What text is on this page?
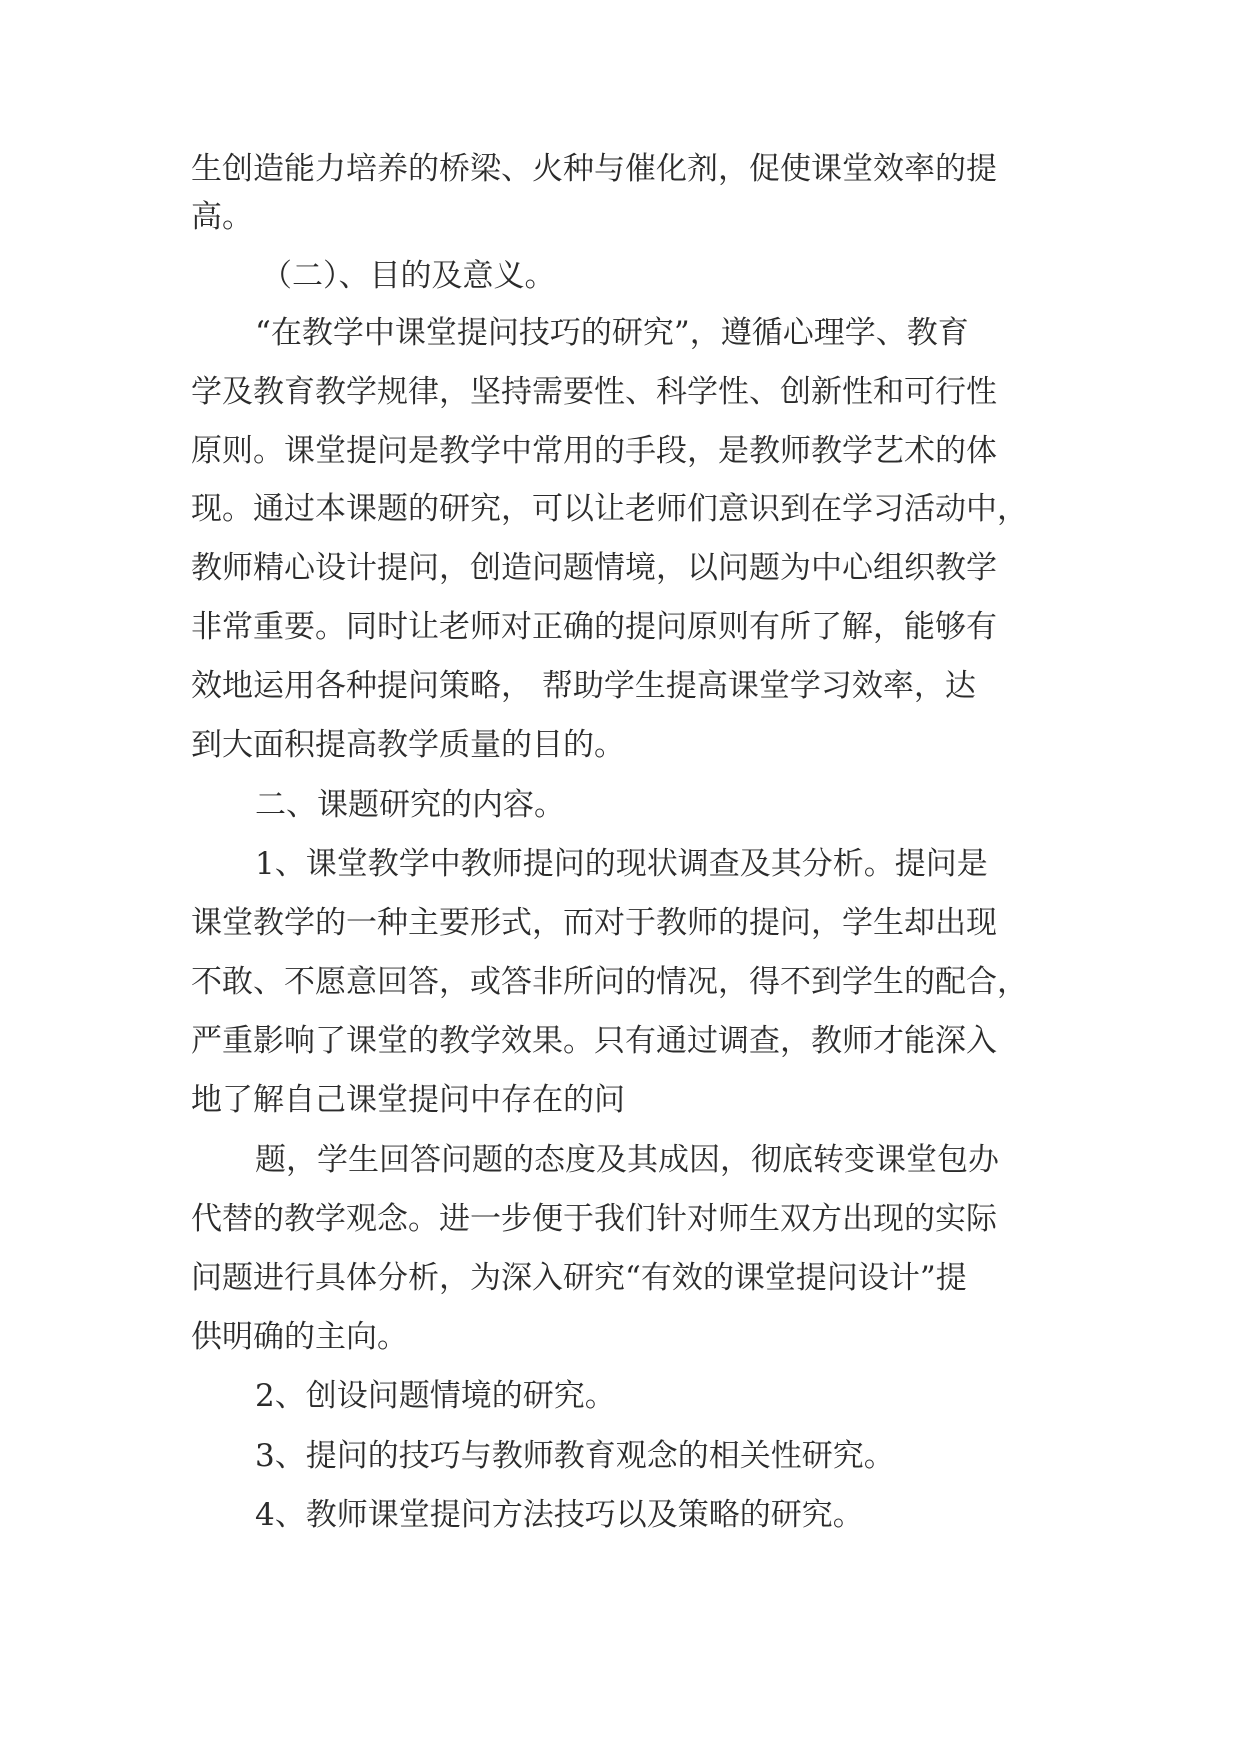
生创造能力培养的桥梁、火种与催化剂，促使课堂效率的提
高。
（二）、目的及意义。
“在教学中课堂提问技巧的研究”，遵循心理学、教育
学及教育教学规律，坚持需要性、科学性、创新性和可行性
原则。课堂提问是教学中常用的手段，是教师教学艺术的体
现。通过本课题的研究，可以让老师们意识到在学习活动中，
教师精心设计提问，创造问题情境，以问题为中心组织教学
非常重要。同时让老师对正确的提问原则有所了解，能够有
效地运用各种提问策略， 帮助学生提高课堂学习效率，达
到大面积提高教学质量的目的。
二、课题研究的内容。
1、课堂教学中教师提问的现状调查及其分析。提问是
课堂教学的一种主要形式，而对于教师的提问，学生却出现
不敢、不愿意回答，或答非所问的情况，得不到学生的配合，
严重影响了课堂的教学效果。只有通过调查，教师才能深入
地了解自己课堂提问中存在的问
题，学生回答问题的态度及其成因，彻底转变课堂包办
代替的教学观念。进一步便于我们针对师生双方出现的实际
问题进行具体分析，为深入研究“有效的课堂提问设计”提
供明确的主向。
2、创设问题情境的研究。
3、提问的技巧与教师教育观念的相关性研究。
4、教师课堂提问方法技巧以及策略的研究。
